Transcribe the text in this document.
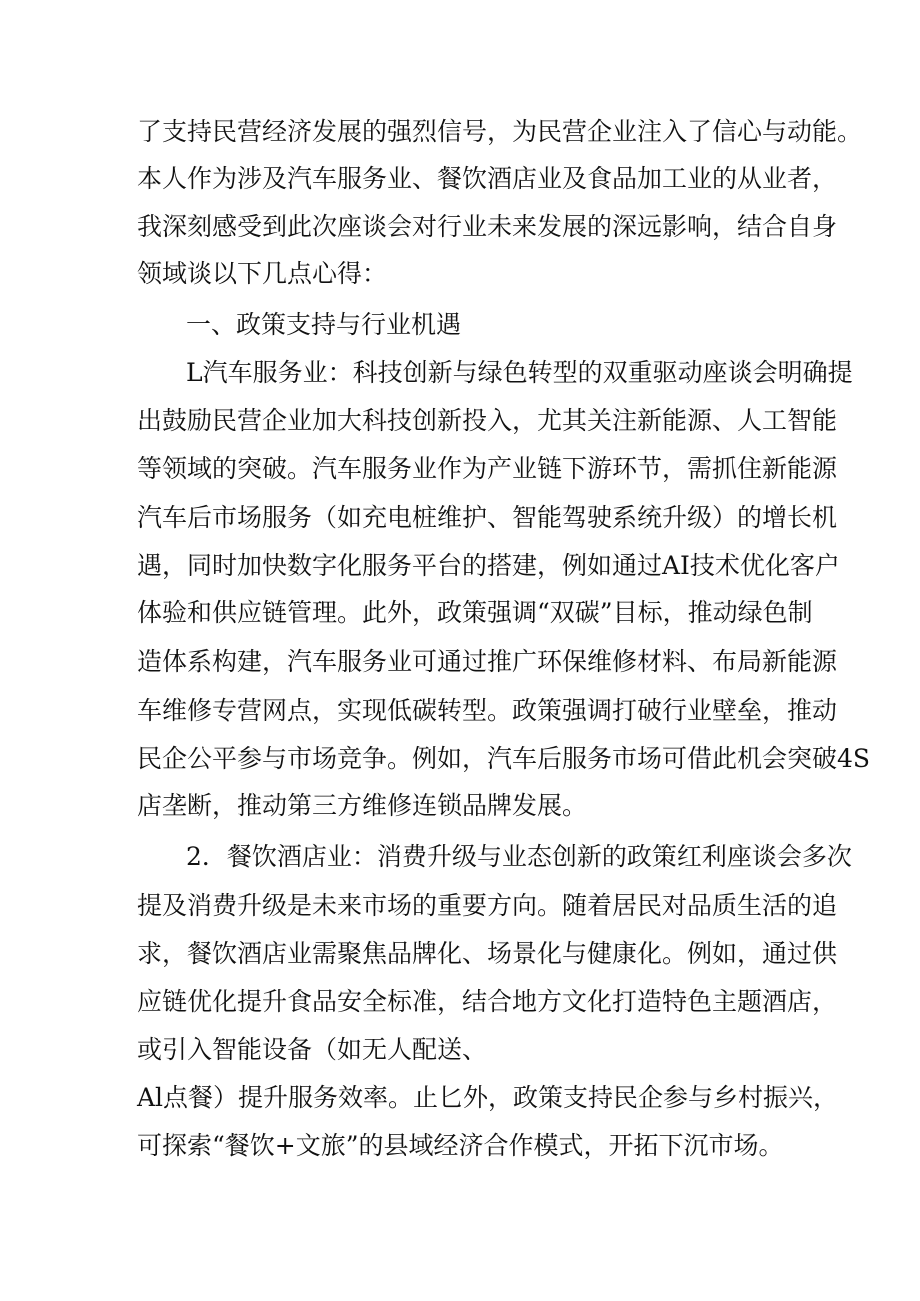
了支持民营经济发展的强烈信号，为民营企业注入了信心与动能。
本人作为涉及汽车服务业、餐饮酒店业及食品加工业的从业者，
我深刻感受到此次座谈会对行业未来发展的深远影响，结合自身
领域谈以下几点心得：
一、政策支持与行业机遇
L汽车服务业：科技创新与绿色转型的双重驱动座谈会明确提
出鼓励民营企业加大科技创新投入，尤其关注新能源、人工智能
等领域的突破。汽车服务业作为产业链下游环节，需抓住新能源
汽车后市场服务（如充电桩维护、智能驾驶系统升级）的增长机
遇，同时加快数字化服务平台的搭建，例如通过AI技术优化客户
体验和供应链管理。此外，政策强调“双碳”目标，推动绿色制
造体系构建，汽车服务业可通过推广环保维修材料、布局新能源
车维修专营网点，实现低碳转型。政策强调打破行业壁垒，推动
民企公平参与市场竞争。例如，汽车后服务市场可借此机会突破4S
店垄断，推动第三方维修连锁品牌发展。
2．餐饮酒店业：消费升级与业态创新的政策红利座谈会多次
提及消费升级是未来市场的重要方向。随着居民对品质生活的追
求，餐饮酒店业需聚焦品牌化、场景化与健康化。例如，通过供
应链优化提升食品安全标准，结合地方文化打造特色主题酒店，
或引入智能设备（如无人配送、
Al点餐）提升服务效率。止匕外，政策支持民企参与乡村振兴，
可探索“餐饮+文旅”的县域经济合作模式，开拓下沉市场。
